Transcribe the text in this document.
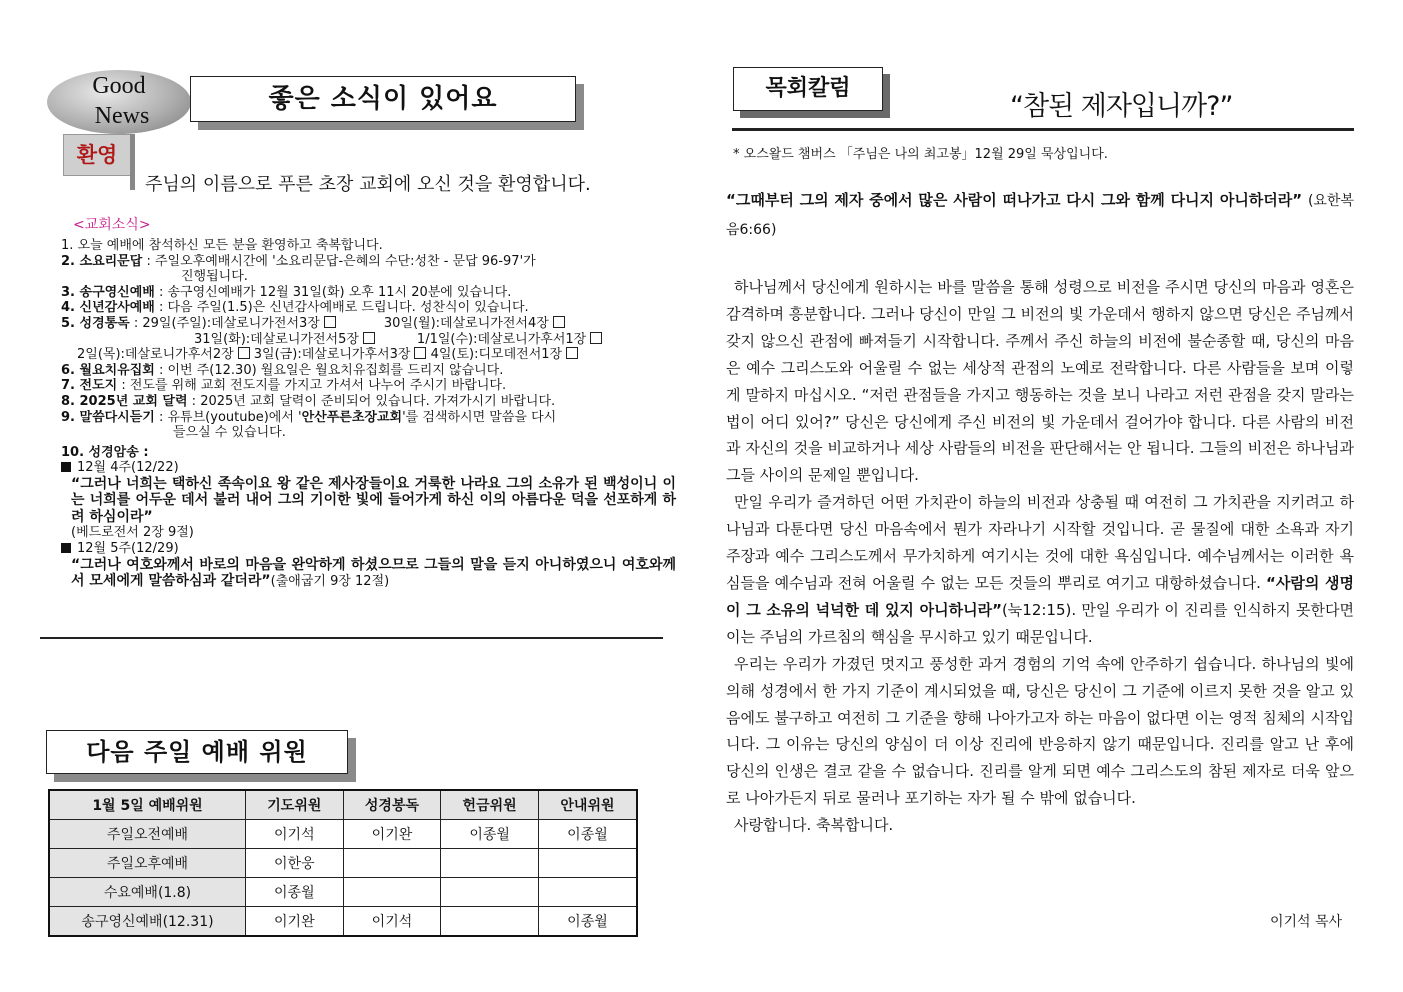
Good
News
좋은 소식이 있어요
환영
주님의 이름으로 푸른 초장 교회에 오신 것을 환영합니다.
<교회소식>
1. 오늘 예배에 참석하신 모든 분을 환영하고 축복합니다.
2. 소요리문답 : 주일오후예배시간에 '소요리문답-은혜의 수단:성찬 - 문답 96-97'가
진행됩니다.
3. 송구영신예배 : 송구영신예배가 12월 31일(화) 오후 11시 20분에 있습니다.
4. 신년감사예배 : 다음 주일(1.5)은 신년감사예배로 드립니다. 성찬식이 있습니다.
5. 성경통독 : 29일(주일):데살로니가전서3장	30일(월):데살로니가전서4장
31일(화):데살로니가전서5장	1/1일(수):데살로니가후서1장
2일(목):데살로니가후서2장 3일(금):데살로니가후서3장 4일(토):디모데전서1장
6. 월요치유집회 : 이번 주(12.30) 월요일은 월요치유집회를 드리지 않습니다.
7. 전도지 : 전도를 위해 교회 전도지를 가지고 가셔서 나누어 주시기 바랍니다.
8. 2025년 교회 달력 : 2025년 교회 달력이 준비되어 있습니다. 가져가시기 바랍니다.
9. 말씀다시듣기 : 유튜브(youtube)에서 '안산푸른초장교회'를 검색하시면 말씀을 다시
들으실 수 있습니다.
10. 성경암송 :
12월 4주(12/22)
“그러나 너희는 택하신 족속이요 왕 같은 제사장들이요 거룩한 나라요 그의 소유가 된 백성이니 이는 너희를 어두운 데서 불러 내어 그의 기이한 빛에 들어가게 하신 이의 아름다운 덕을 선포하게 하려 하심이라”
(베드로전서 2장 9절)
12월 5주(12/29)
“그러나 여호와께서 바로의 마음을 완악하게 하셨으므로 그들의 말을 듣지 아니하였으니 여호와께서 모세에게 말씀하심과 같더라”(출애굽기 9장 12절)
다음 주일 예배 위원
1월 5일 예배위원	기도위원	성경봉독	헌금위원	안내위원
주일오전예배	이기석	이기완	이종월	이종월
주일오후예배	이한웅			
수요예배(1.8)	이종월			
송구영신예배(12.31)	이기완	이기석		이종월
목회칼럼
“참된 제자입니까?”
* 오스왈드 챔버스 「주님은 나의 최고봉」12월 29일 묵상입니다.
“그때부터 그의 제자 중에서 많은 사람이 떠나가고 다시 그와 함께 다니지 아니하더라” (요한복음6:66)
하나님께서 당신에게 원하시는 바를 말씀을 통해 성령으로 비전을 주시면 당신의 마음과 영혼은 감격하며 흥분합니다. 그러나 당신이 만일 그 비전의 빛 가운데서 행하지 않으면 당신은 주님께서 갖지 않으신 관점에 빠져들기 시작합니다. 주께서 주신 하늘의 비전에 불순종할 때, 당신의 마음은 예수 그리스도와 어울릴 수 없는 세상적 관점의 노예로 전락합니다. 다른 사람들을 보며 이렇게 말하지 마십시오. “저런 관점들을 가지고 행동하는 것을 보니 나라고 저런 관점을 갖지 말라는 법이 어디 있어?” 당신은 당신에게 주신 비전의 빛 가운데서 걸어가야 합니다. 다른 사람의 비전과 자신의 것을 비교하거나 세상 사람들의 비전을 판단해서는 안 됩니다. 그들의 비전은 하나님과 그들 사이의 문제일 뿐입니다.
만일 우리가 즐겨하던 어떤 가치관이 하늘의 비전과 상충될 때 여전히 그 가치관을 지키려고 하나님과 다툰다면 당신 마음속에서 뭔가 자라나기 시작할 것입니다. 곧 물질에 대한 소욕과 자기 주장과 예수 그리스도께서 무가치하게 여기시는 것에 대한 욕심입니다. 예수님께서는 이러한 욕심들을 예수님과 전혀 어울릴 수 없는 모든 것들의 뿌리로 여기고 대항하셨습니다. “사람의 생명이 그 소유의 넉넉한 데 있지 아니하니라”(눅12:15). 만일 우리가 이 진리를 인식하지 못한다면 이는 주님의 가르침의 핵심을 무시하고 있기 때문입니다.
우리는 우리가 가졌던 멋지고 풍성한 과거 경험의 기억 속에 안주하기 쉽습니다. 하나님의 빛에 의해 성경에서 한 가지 기준이 계시되었을 때, 당신은 당신이 그 기준에 이르지 못한 것을 알고 있음에도 불구하고 여전히 그 기준을 향해 나아가고자 하는 마음이 없다면 이는 영적 침체의 시작입니다. 그 이유는 당신의 양심이 더 이상 진리에 반응하지 않기 때문입니다. 진리를 알고 난 후에 당신의 인생은 결코 같을 수 없습니다. 진리를 알게 되면 예수 그리스도의 참된 제자로 더욱 앞으로 나아가든지 뒤로 물러나 포기하는 자가 될 수 밖에 없습니다.
사랑합니다. 축복합니다.
이기석 목사
